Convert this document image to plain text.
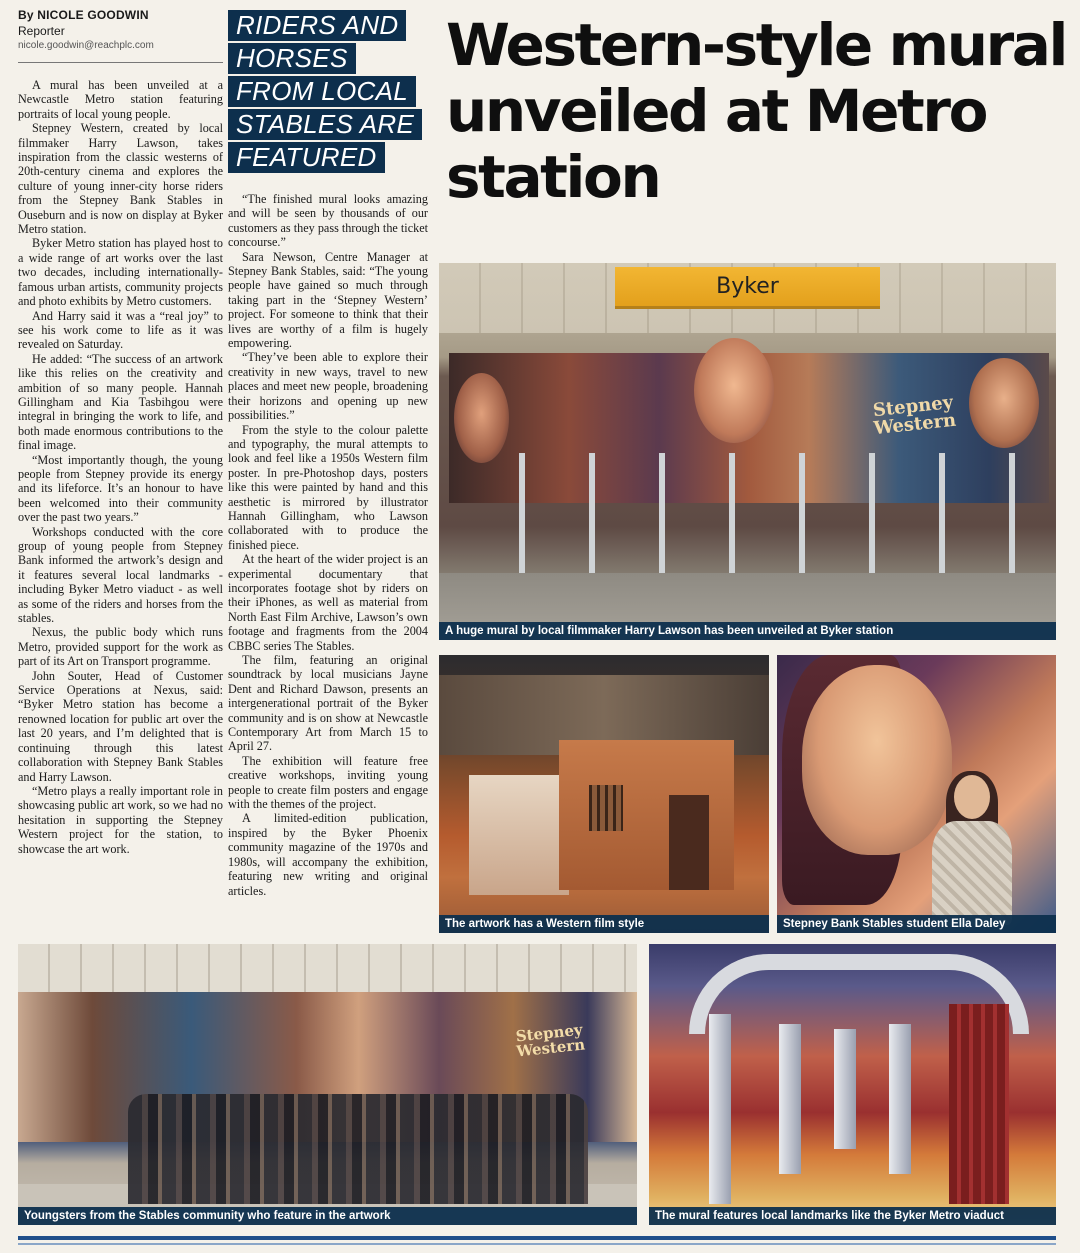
By NICOLE GOODWIN
Reporter
nicole.goodwin@reachplc.com
RIDERS AND
HORSES
FROM LOCAL
STABLES ARE
FEATURED
Western-style mural unveiled at Metro station

A mural has been unveiled at a Newcastle Metro station featuring portraits of local young people.

Stepney Western, created by local filmmaker Harry Lawson, takes inspiration from the classic westerns of 20th-century cinema and explores the culture of young inner-city horse riders from the Stepney Bank Stables in Ouseburn and is now on display at Byker Metro station.

Byker Metro station has played host to a wide range of art works over the last two decades, including internationally-famous urban artists, community projects and photo exhibits by Metro customers.

And Harry said it was a “real joy” to see his work come to life as it was revealed on Saturday.

He added: “The success of an artwork like this relies on the creativity and ambition of so many people. Hannah Gillingham and Kia Tasbihgou were integral in bringing the work to life, and both made enormous contributions to the final image.

“Most importantly though, the young people from Stepney provide its energy and its lifeforce. It’s an honour to have been welcomed into their community over the past two years.”

Workshops conducted with the core group of young people from Stepney Bank informed the artwork’s design and it features several local landmarks - including Byker Metro viaduct - as well as some of the riders and horses from the stables.

Nexus, the public body which runs Metro, provided support for the work as part of its Art on Transport programme.

John Souter, Head of Customer Service Operations at Nexus, said: “Byker Metro station has become a renowned location for public art over the last 20 years, and I’m delighted that is continuing through this latest collaboration with Stepney Bank Stables and Harry Lawson.

“Metro plays a really important role in showcasing public art work, so we had no hesitation in supporting the Stepney Western project for the station, to showcase the art work.

“The finished mural looks amazing and will be seen by thousands of our customers as they pass through the ticket concourse.”

Sara Newson, Centre Manager at Stepney Bank Stables, said: “The young people have gained so much through taking part in the ‘Stepney Western’ project. For someone to think that their lives are worthy of a film is hugely empowering.

“They’ve been able to explore their creativity in new ways, travel to new places and meet new people, broadening their horizons and opening up new possibilities.”

From the style to the colour palette and typography, the mural attempts to look and feel like a 1950s Western film poster. In pre-Photoshop days, posters like this were painted by hand and this aesthetic is mirrored by illustrator Hannah Gillingham, who Lawson collaborated with to produce the finished piece.

At the heart of the wider project is an experimental documentary that incorporates footage shot by riders on their iPhones, as well as material from North East Film Archive, Lawson’s own footage and fragments from the 2004 CBBC series The Stables.

The film, featuring an original soundtrack by local musicians Jayne Dent and Richard Dawson, presents an intergenerational portrait of the Byker community and is on show at Newcastle Contemporary Art from March 15 to April 27.

The exhibition will feature free creative workshops, inviting young people to create film posters and engage with the themes of the project.

A limited-edition publication, inspired by the Byker Phoenix community magazine of the 1970s and 1980s, will accompany the exhibition, featuring new writing and original articles.

Byker
Stepney Western
A huge mural by local filmmaker Harry Lawson has been unveiled at Byker station
The artwork has a Western film style	Stepney Bank Stables student Ella Daley
Stepney Western
Youngsters from the Stables community who feature in the artwork	The mural features local landmarks like the Byker Metro viaduct
